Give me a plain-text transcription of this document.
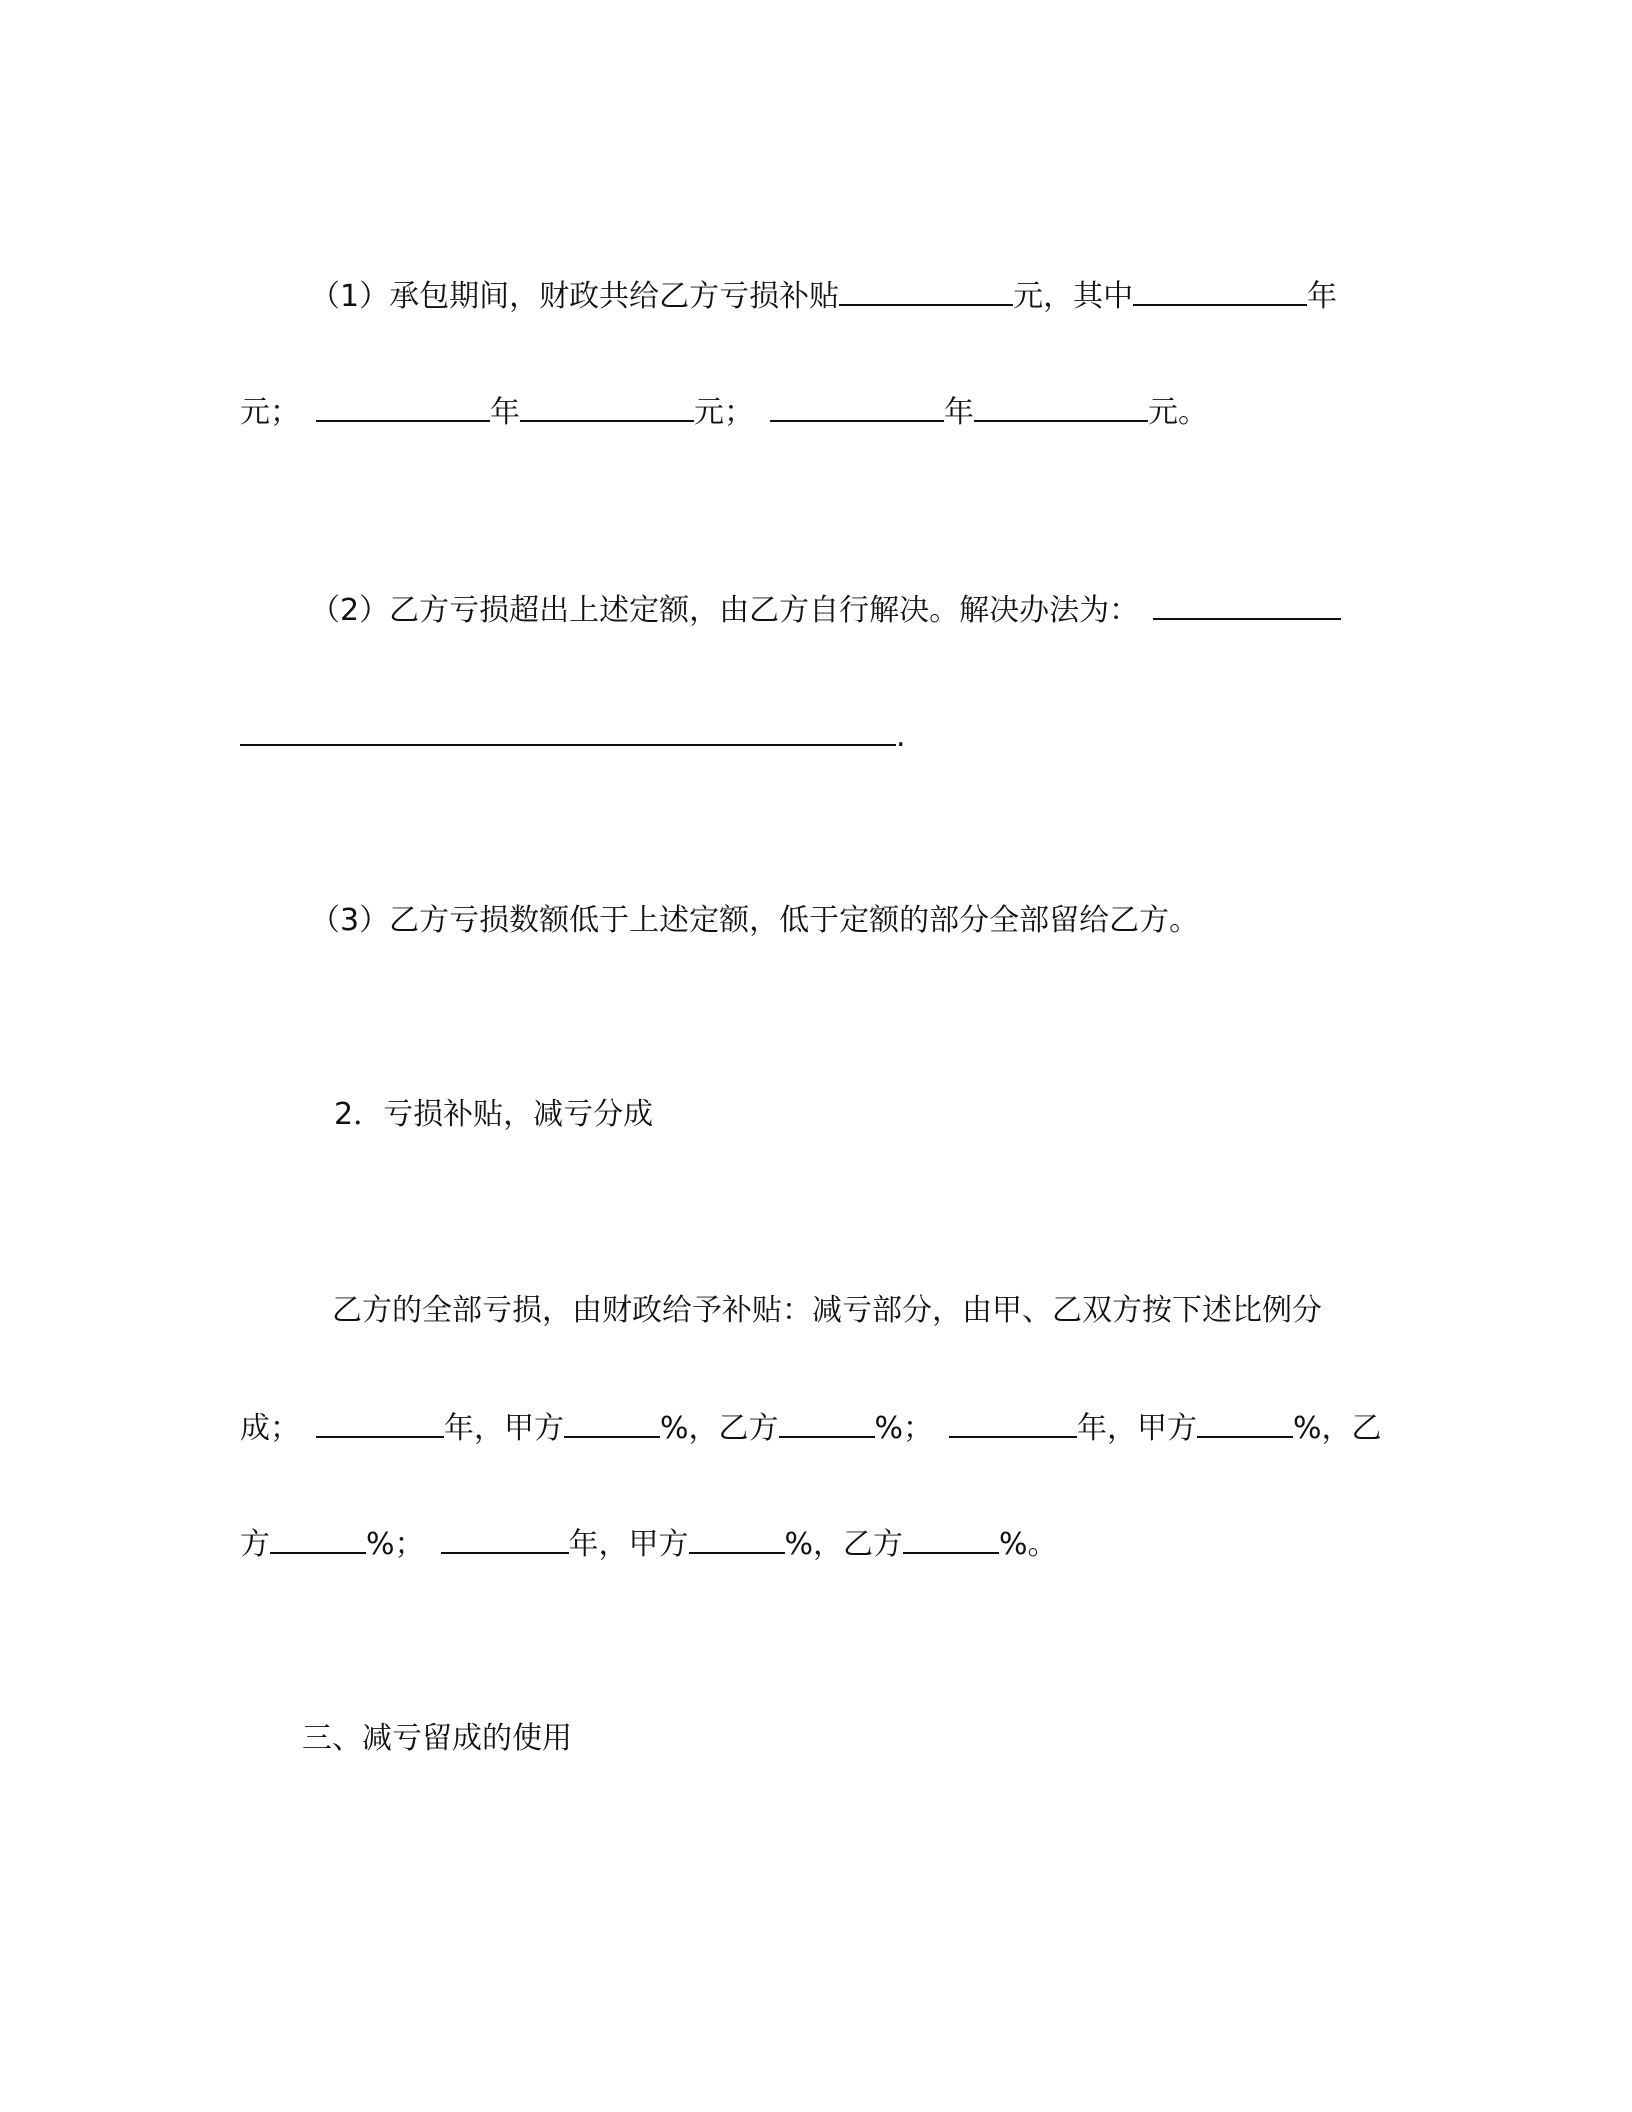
（1）承包期间，财政共给乙方亏损补贴	元，其中	年
元；	年	元；	年	元。
（2）乙方亏损超出上述定额，由乙方自行解决。解决办法为：
.
（3）乙方亏损数额低于上述定额，低于定额的部分全部留给乙方。
2．亏损补贴，减亏分成
乙方的全部亏损，由财政给予补贴：减亏部分，由甲、乙双方按下述比例分
成；	年，甲方	%，乙方	%；	年，甲方	%，乙
方	%；	年，甲方	%，乙方	%。
三、减亏留成的使用
